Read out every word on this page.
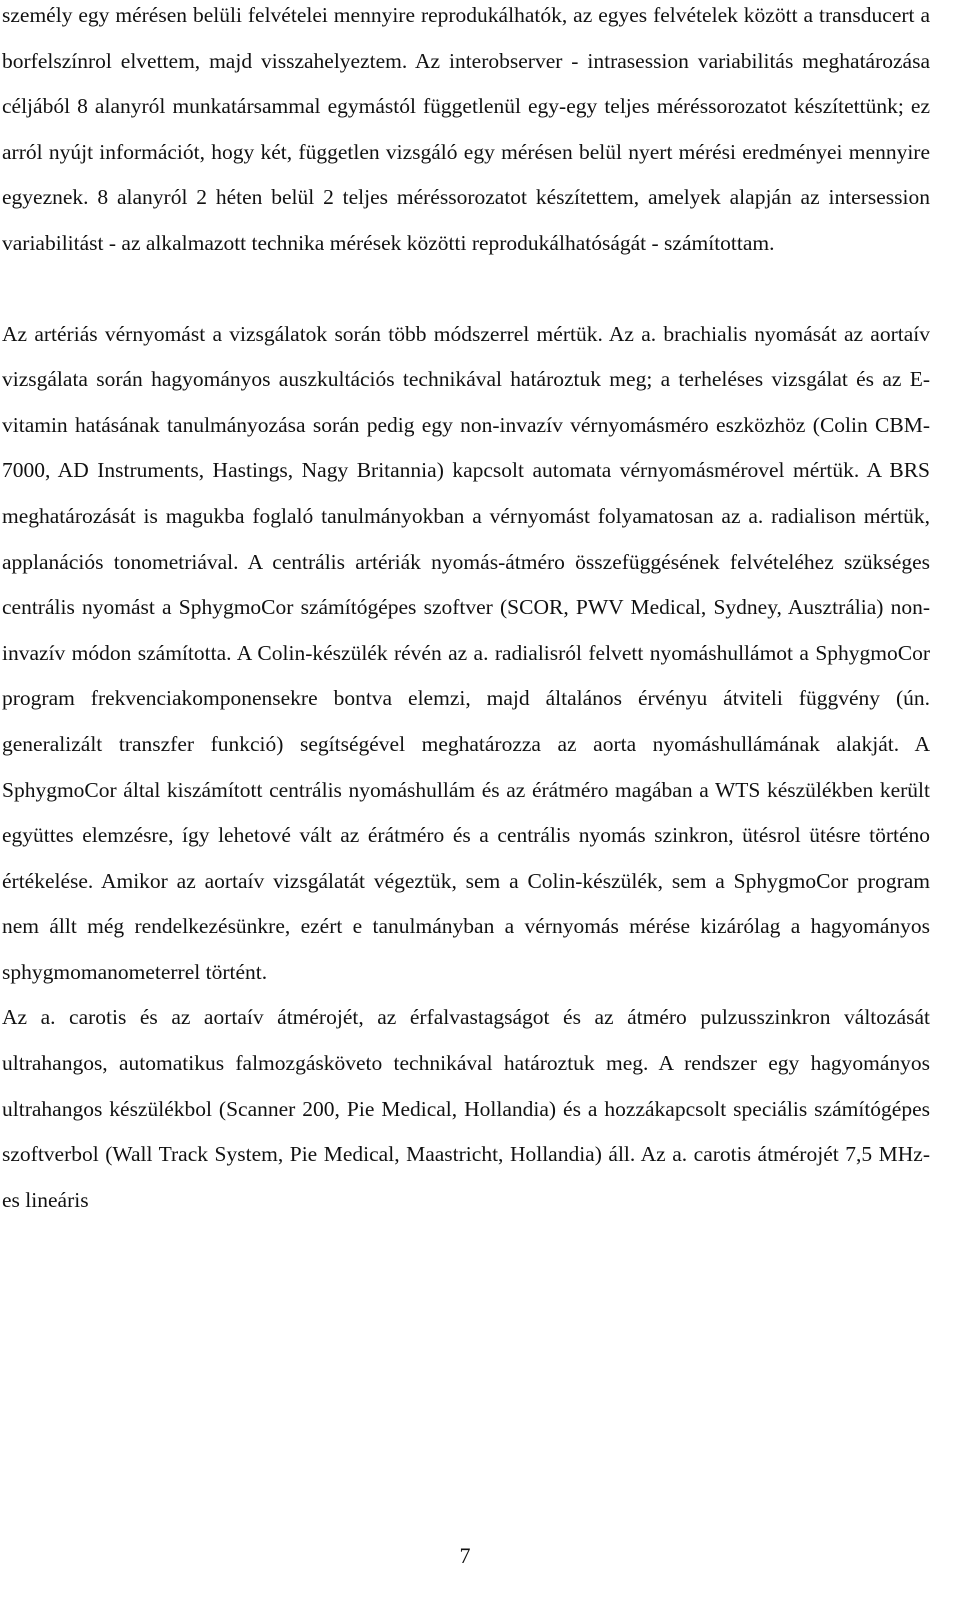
személy egy mérésen belüli felvételei mennyire reprodukálhatók, az egyes felvételek között a transducert a borfelszínrol elvettem, majd visszahelyeztem. Az interobserver - intrasession variabilitás meghatározása céljából 8 alanyról munkatársammal egymástól függetlenül egy-egy teljes méréssorozatot készítettünk; ez arról nyújt információt, hogy két, független vizsgáló egy mérésen belül nyert mérési eredményei mennyire egyeznek. 8 alanyról 2 héten belül 2 teljes méréssorozatot készítettem, amelyek alapján az intersession variabilitást - az alkalmazott technika mérések közötti reprodukálhatóságát - számítottam.

Az artériás vérnyomást a vizsgálatok során több módszerrel mértük. Az a. brachialis nyomását az aortaív vizsgálata során hagyományos auszkultációs technikával határoztuk meg; a terheléses vizsgálat és az E-vitamin hatásának tanulmányozása során pedig egy non-invazív vérnyomásméro eszközhöz (Colin CBM-7000, AD Instruments, Hastings, Nagy Britannia) kapcsolt automata vérnyomásmérovel mértük. A BRS meghatározását is magukba foglaló tanulmányokban a vérnyomást folyamatosan az a. radialison mértük, applanációs tonometriával. A centrális artériák nyomás-átméro összefüggésének felvételéhez szükséges centrális nyomást a SphygmoCor számítógépes szoftver (SCOR, PWV Medical, Sydney, Ausztrália) non-invazív módon számította. A Colin-készülék révén az a. radialisról felvett nyomáshullámot a SphygmoCor program frekvenciakomponensekre bontva elemzi, majd általános érvényu átviteli függvény (ún. generalizált transzfer funkció) segítségével meghatározza az aorta nyomáshullámának alakját. A SphygmoCor által kiszámított centrális nyomáshullám és az érátméro magában a WTS készülékben került együttes elemzésre, így lehetové vált az érátméro és a centrális nyomás szinkron, ütésrol ütésre történo értékelése. Amikor az aortaív vizsgálatát végeztük, sem a Colin-készülék, sem a SphygmoCor program nem állt még rendelkezésünkre, ezért e tanulmányban a vérnyomás mérése kizárólag a hagyományos sphygmomanometerrel történt.

Az a. carotis és az aortaív átmérojét, az érfalvastagságot és az átméro pulzusszinkron változását ultrahangos, automatikus falmozgásköveto technikával határoztuk meg. A rendszer egy hagyományos ultrahangos készülékbol (Scanner 200, Pie Medical, Hollandia) és a hozzákapcsolt speciális számítógépes szoftverbol (Wall Track System, Pie Medical, Maastricht, Hollandia) áll. Az a. carotis átmérojét 7,5 MHz-es lineáris

7
